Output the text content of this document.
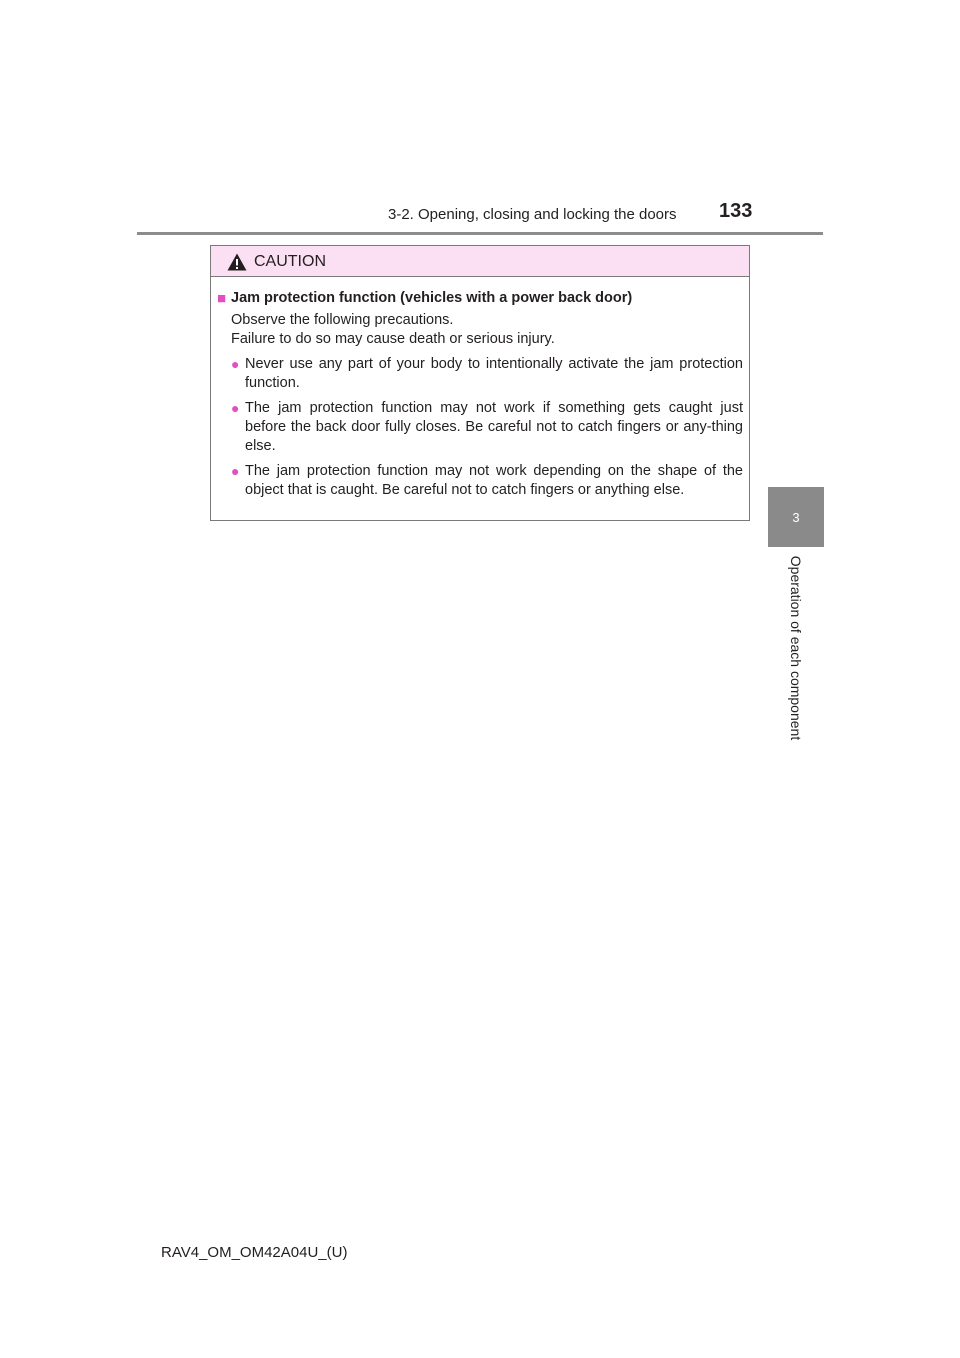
3-2. Opening, closing and locking the doors 133
3
Operation of each component
CAUTION
■ Jam protection function (vehicles with a power back door)
Observe the following precautions.
Failure to do so may cause death or serious injury.
● Never use any part of your body to intentionally activate the jam protection function.
● The jam protection function may not work if something gets caught just before the back door fully closes. Be careful not to catch fingers or any-thing else.
● The jam protection function may not work depending on the shape of the object that is caught. Be careful not to catch fingers or anything else.
RAV4_OM_OM42A04U_(U)
